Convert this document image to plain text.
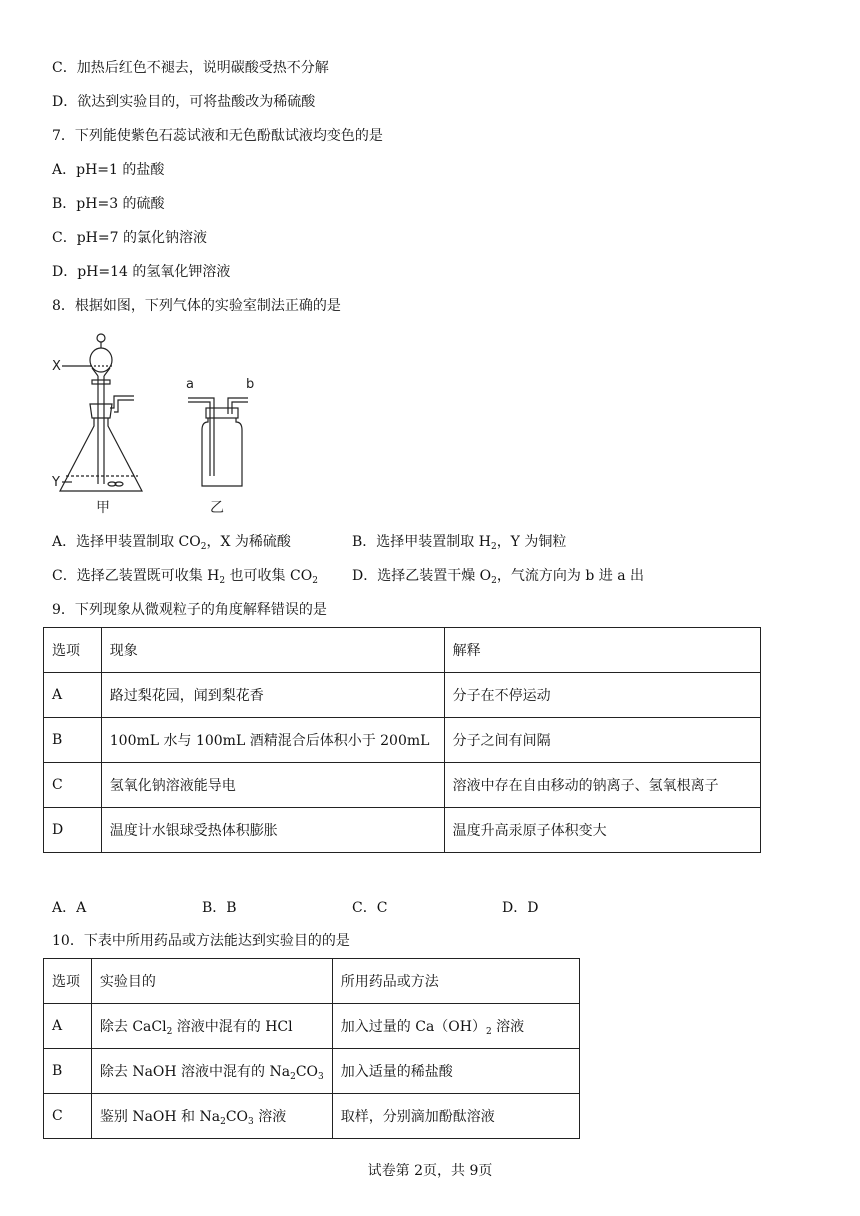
C．加热后红色不褪去，说明碳酸受热不分解
D．欲达到实验目的，可将盐酸改为稀硫酸
7．下列能使紫色石蕊试液和无色酚酞试液均变色的是
A．pH=1 的盐酸
B．pH=3 的硫酸
C．pH=7 的氯化钠溶液
D．pH=14 的氢氧化钾溶液
8．根据如图，下列气体的实验室制法正确的是
X
Y
甲
a	b
乙
A．选择甲装置制取 $CO_2$，X 为稀硫酸	B．选择甲装置制取 $H_2$，Y 为铜粒
C．选择乙装置既可收集 $H_2$ 也可收集 $CO_2$ D．选择乙装置干燥 $O_2$，气流方向为 b 进 a 出
9．下列现象从微观粒子的角度解释错误的是
选项	现象	解释
A	路过梨花园，闻到梨花香	分子在不停运动
B	100mL 水与 100mL 酒精混合后体积小于 200mL	分子之间有间隔
C	氢氧化钠溶液能导电	溶液中存在自由移动的钠离子、氢氧根离子
D	温度计水银球受热体积膨胀	温度升高汞原子体积变大
A．A	B．B	C．C	D．D
10．下表中所用药品或方法能达到实验目的的是
选项	实验目的	所用药品或方法
A	除去 CaCl$_2$ 溶液中混有的 HCl	加入过量的 $Ca(OH)_2$ 溶液
B	除去 NaOH 溶液中混有的 $Na_2CO_3$	加入适量的稀盐酸
C	鉴别 NaOH 和 $Na_2CO_3$ 溶液	取样，分别滴加酚酞溶液
试卷第 2页，共 9页
